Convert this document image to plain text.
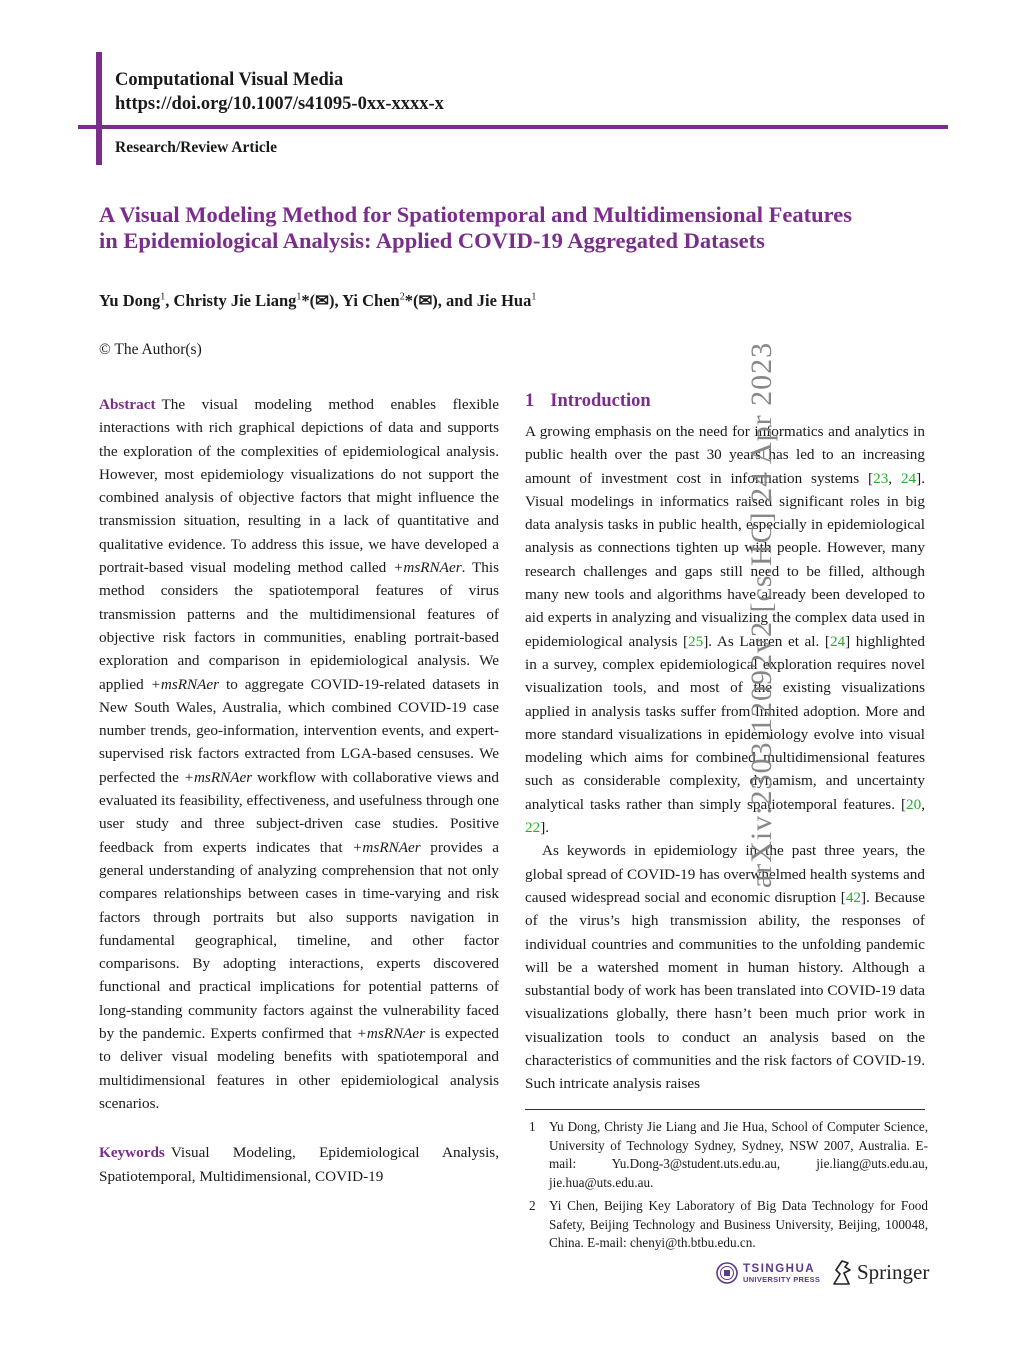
Computational Visual Media
https://doi.org/10.1007/s41095-0xx-xxxx-x
Research/Review Article
A Visual Modeling Method for Spatiotemporal and Multidimensional Features
in Epidemiological Analysis: Applied COVID-19 Aggregated Datasets
Yu Dong$^1$, Christy Jie Liang$^1$*(✉), Yi Chen$^2$*(✉), and Jie Hua$^1$
© The Author(s)
Abstract The visual modeling method enables flexible interactions with rich graphical depictions of data and supports the exploration of the complexities of epidemiological analysis. However, most epidemiology visualizations do not support the combined analysis of objective factors that might influence the transmission situation, resulting in a lack of quantitative and qualitative evidence. To address this issue, we have developed a portrait-based visual modeling method called +msRNAer. This method considers the spatiotemporal features of virus transmission patterns and the multidimensional features of objective risk factors in communities, enabling portrait-based exploration and comparison in epidemiological analysis. We applied +msRNAer to aggregate COVID-19-related datasets in New South Wales, Australia, which combined COVID-19 case number trends, geo-information, intervention events, and expert-supervised risk factors extracted from LGA-based censuses. We perfected the +msRNAer workflow with collaborative views and evaluated its feasibility, effectiveness, and usefulness through one user study and three subject-driven case studies. Positive feedback from experts indicates that +msRNAer provides a general understanding of analyzing comprehension that not only compares relationships between cases in time-varying and risk factors through portraits but also supports navigation in fundamental geographical, timeline, and other factor comparisons. By adopting interactions, experts discovered functional and practical implications for potential patterns of long-standing community factors against the vulnerability faced by the pandemic. Experts confirmed that +msRNAer is expected to deliver visual modeling benefits with spatiotemporal and multidimensional features in other epidemiological analysis scenarios.
Keywords Visual Modeling, Epidemiological Analysis, Spatiotemporal, Multidimensional, COVID-19
1 Introduction
A growing emphasis on the need for informatics and analytics in public health over the past 30 years has led to an increasing amount of investment cost in information systems [23, 24]. Visual modelings in informatics raised significant roles in big data analysis tasks in public health, especially in epidemiological analysis as connections tighten up with people. However, many research challenges and gaps still need to be filled, although many new tools and algorithms have already been developed to aid experts in analyzing and visualizing the complex data used in epidemiological analysis [25]. As Lauren et al. [24] highlighted in a survey, complex epidemiological exploration requires novel visualization tools, and most of the existing visualizations applied in analysis tasks suffer from limited adoption. More and more standard visualizations in epidemiology evolve into visual modeling which aims for combined multidimensional features such as considerable complexity, dynamism, and uncertainty analytical tasks rather than simply spatiotemporal features. [20, 22].
As keywords in epidemiology in the past three years, the global spread of COVID-19 has overwhelmed health systems and caused widespread social and economic disruption [42]. Because of the virus’s high transmission ability, the responses of individual countries and communities to the unfolding pandemic will be a watershed moment in human history. Although a substantial body of work has been translated into COVID-19 data visualizations globally, there hasn’t been much prior work in visualization tools to conduct an analysis based on the characteristics of communities and the risk factors of COVID-19. Such intricate analysis raises
1 Yu Dong, Christy Jie Liang and Jie Hua, School of Computer Science, University of Technology Sydney, Sydney, NSW 2007, Australia. E-mail: Yu.Dong-3@student.uts.edu.au, jie.liang@uts.edu.au, jie.hua@uts.edu.au.
2 Yi Chen, Beijing Key Laboratory of Big Data Technology for Food Safety, Beijing Technology and Business University, Beijing, 100048, China. E-mail: chenyi@th.btbu.edu.cn.
arXiv:2303.12092v2 [cs.HC] 24 Apr 2023
TSINGHUA
UNIVERSITY PRESS Springer
